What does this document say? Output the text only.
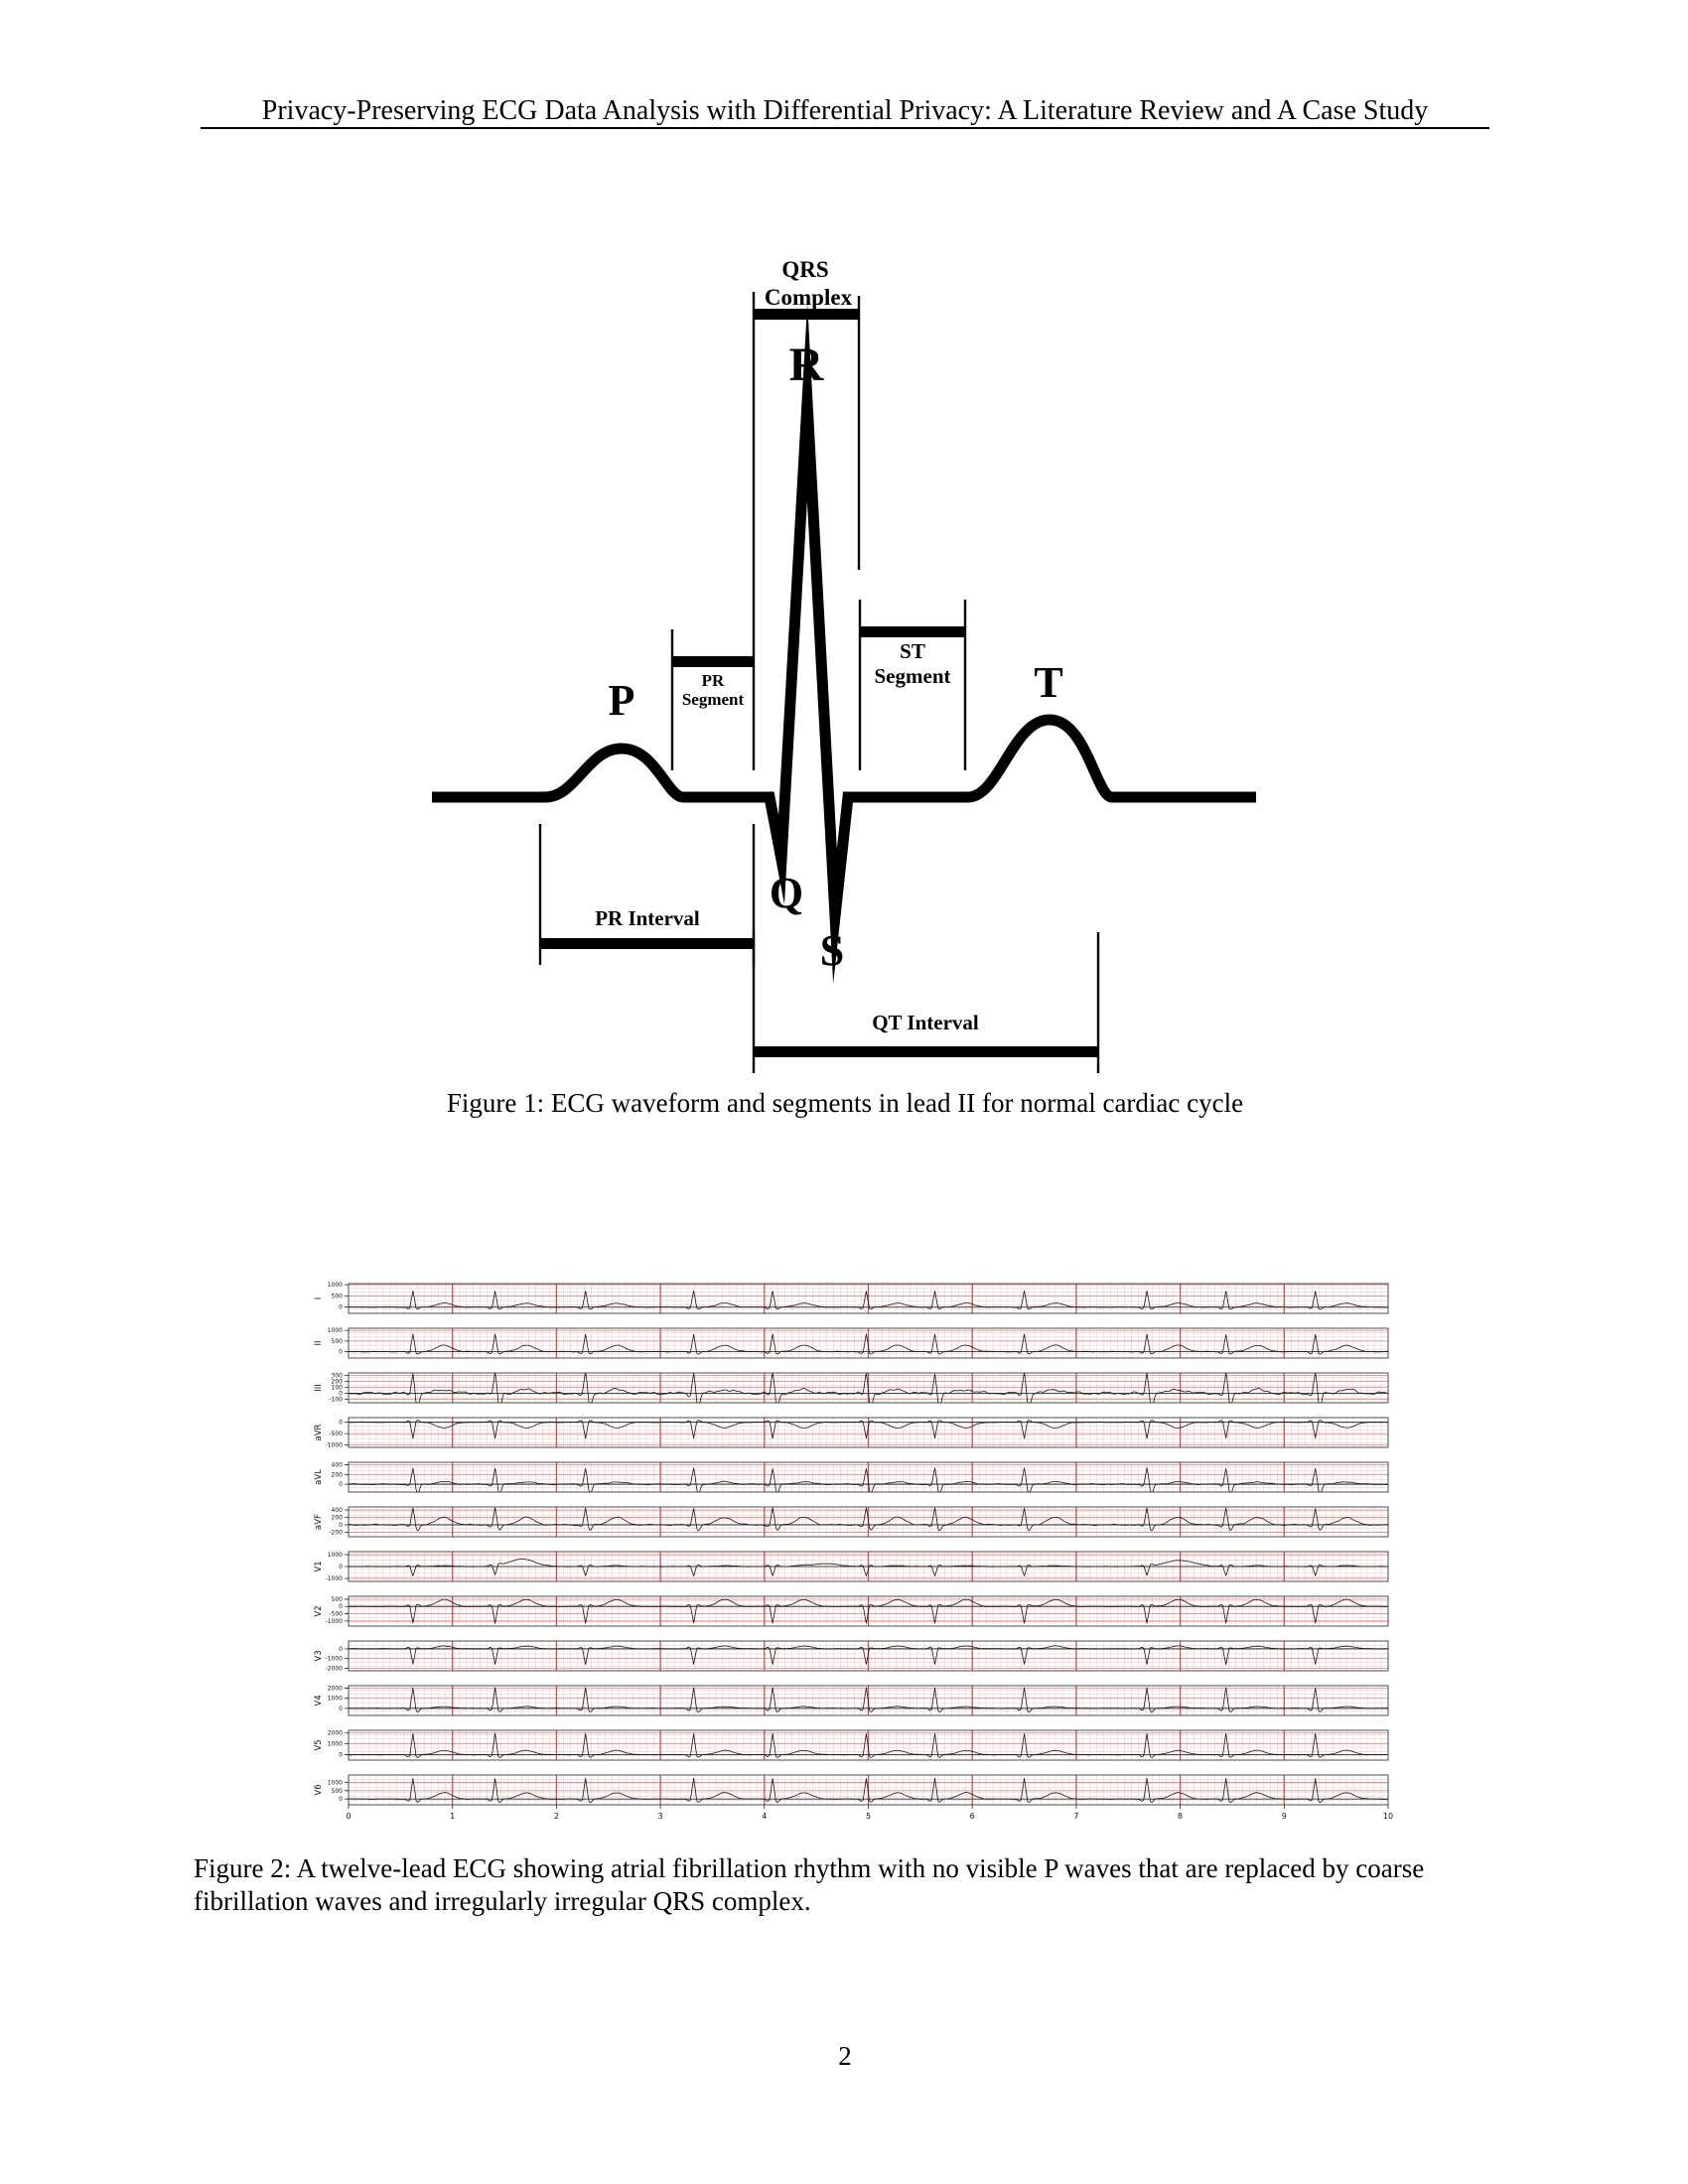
Privacy-Preserving ECG Data Analysis with Differential Privacy: A Literature Review and A Case Study
QRS
Complex
R
ST
Segment
PR
Segment
P	T
Q
S
PR Interval
QT Interval
Figure 1: ECG waveform and segments in lead II for normal cardiac cycle
0
500
1000
I
0
500
1000
II
-100
0
100
200
300
III
-1000
-500
0
aVR
0
200
400
aVL
-200
0
200
400
aVF
-1000
0
1000
V1
-1000
-500
0
500
V2
-2000
-1000
0
V3
0
1000
2000
V4
0
1000
2000
V5
0
500
1000
V6
0	1	2	3	4	5	6	7	8	9	10
Figure 2: A twelve-lead ECG showing atrial fibrillation rhythm with no visible P waves that are replaced by coarse
fibrillation waves and irregularly irregular QRS complex.
2
